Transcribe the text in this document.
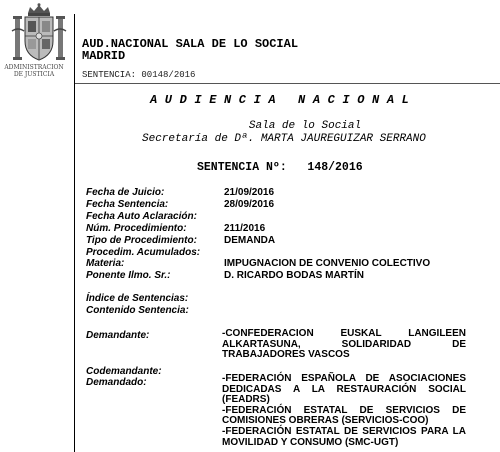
ADMINISTRACION
DE JUSTICIA
AUD.NACIONAL SALA DE LO SOCIAL
MADRID
SENTENCIA: 00148/2016
AUDIENCIA NACIONAL
Sala de lo Social
Secretaría de Dª. MARTA JAUREGUIZAR SERRANO
SENTENCIA Nº:   148/2016
Fecha de Juicio:	21/09/2016
Fecha Sentencia:	28/09/2016
Fecha Auto Aclaración:
Núm. Procedimiento:	211/2016
Tipo de Procedimiento:	DEMANDA
Procedim. Acumulados:
Materia:	IMPUGNACION DE CONVENIO COLECTIVO
Ponente Ilmo. Sr.:	D. RICARDO BODAS MARTÍN
Índice de Sentencias:
Contenido Sentencia:
Demandante:	-CONFEDERACION EUSKAL LANGILEEN ALKARTASUNA, SOLIDARIDAD DE TRABAJADORES VASCOS
Codemandante:
Demandado:	-FEDERACIÓN ESPAÑOLA DE ASOCIACIONES DEDICADAS A LA RESTAURACIÓN SOCIAL (FEADRS)
-FEDERACIÓN ESTATAL DE SERVICIOS DE COMISIONES OBRERAS (SERVICIOS-COO)
-FEDERACIÓN ESTATAL DE SERVICIOS PARA LA MOVILIDAD Y CONSUMO (SMC-UGT)
